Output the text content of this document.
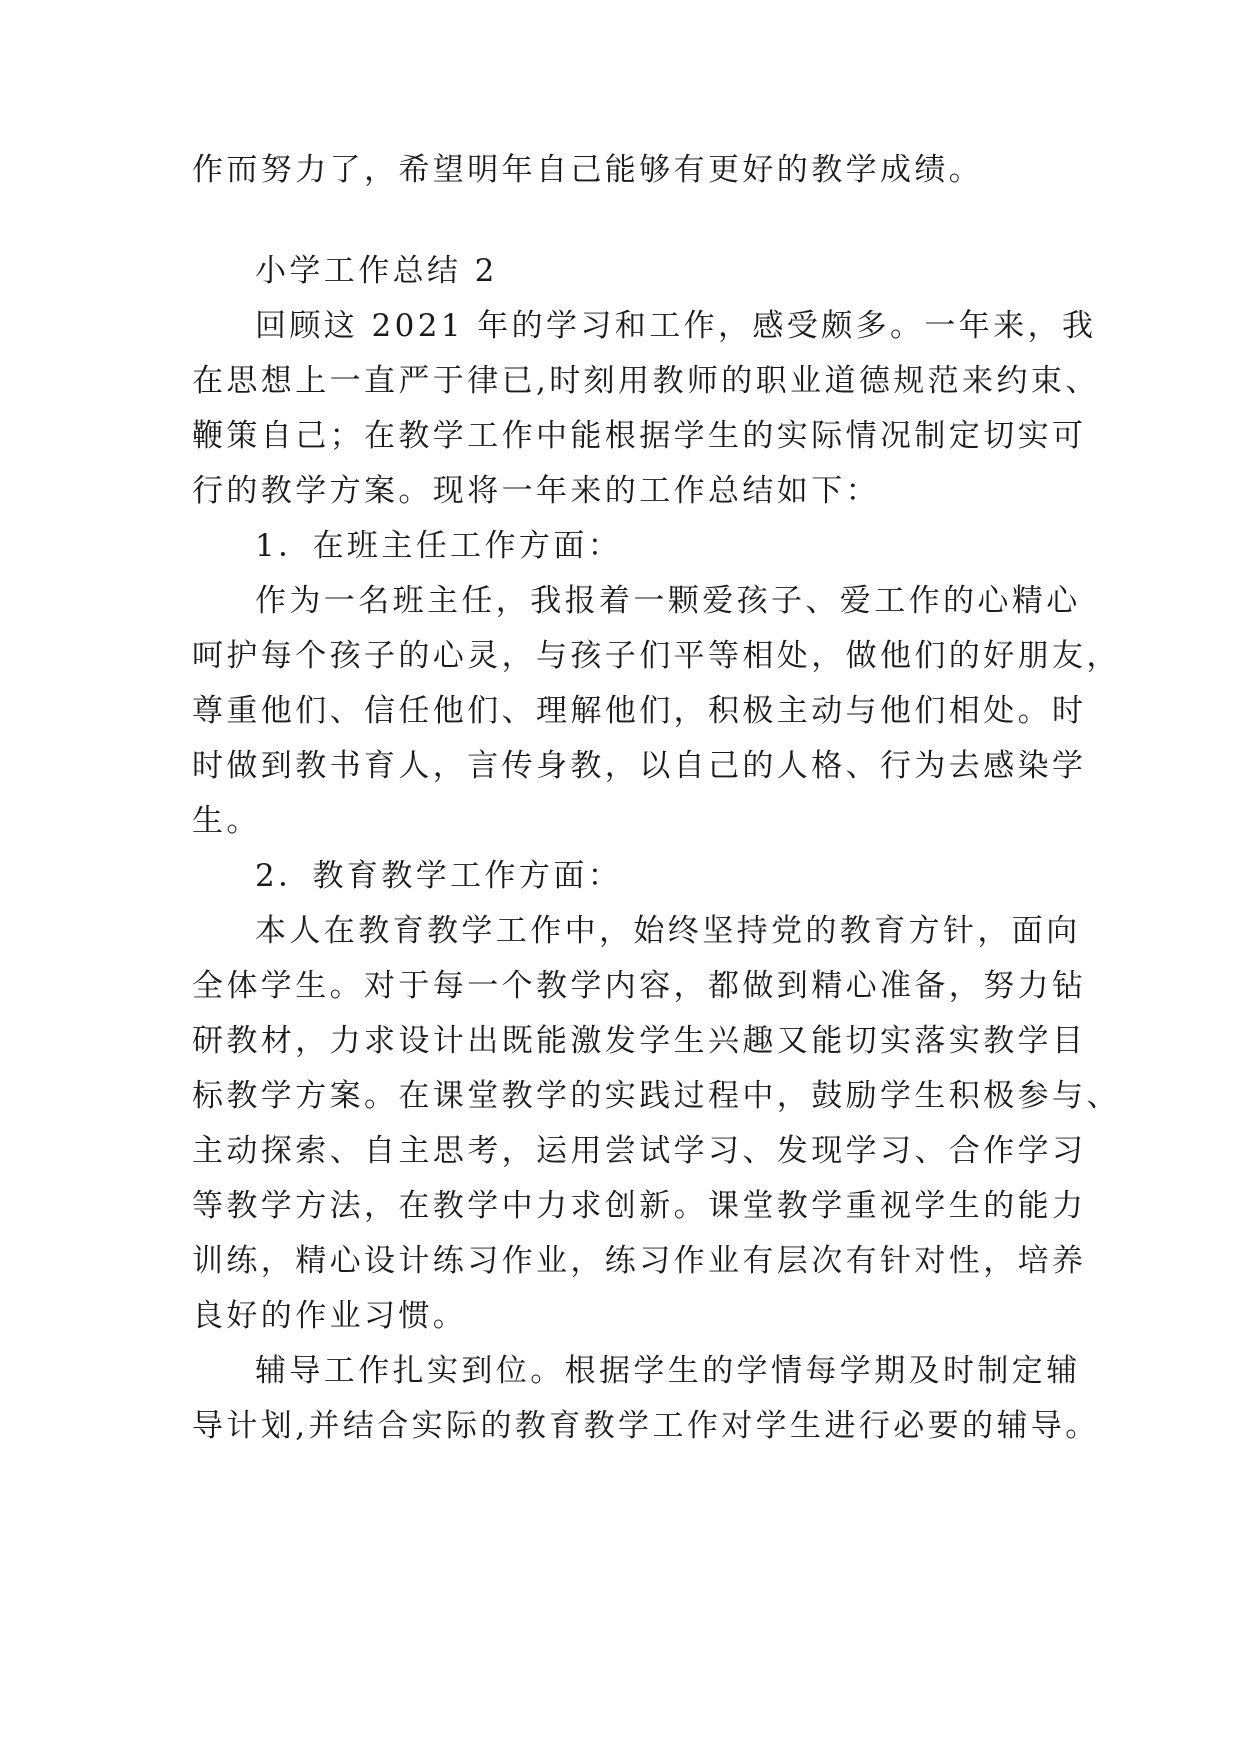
作而努力了，希望明年自己能够有更好的教学成绩。
小学工作总结 2
回顾这 2021 年的学习和工作，感受颇多。一年来，我
在思想上一直严于律已,时刻用教师的职业道德规范来约束、
鞭策自己；在教学工作中能根据学生的实际情况制定切实可
行的教学方案。现将一年来的工作总结如下：
1．在班主任工作方面：
作为一名班主任，我报着一颗爱孩子、爱工作的心精心
呵护每个孩子的心灵，与孩子们平等相处，做他们的好朋友，
尊重他们、信任他们、理解他们，积极主动与他们相处。时
时做到教书育人，言传身教，以自己的人格、行为去感染学
生。
2．教育教学工作方面：
本人在教育教学工作中，始终坚持党的教育方针，面向
全体学生。对于每一个教学内容，都做到精心准备，努力钻
研教材，力求设计出既能激发学生兴趣又能切实落实教学目
标教学方案。在课堂教学的实践过程中，鼓励学生积极参与、
主动探索、自主思考，运用尝试学习、发现学习、合作学习
等教学方法，在教学中力求创新。课堂教学重视学生的能力
训练，精心设计练习作业，练习作业有层次有针对性，培养
良好的作业习惯。
辅导工作扎实到位。根据学生的学情每学期及时制定辅
导计划,并结合实际的教育教学工作对学生进行必要的辅导。
